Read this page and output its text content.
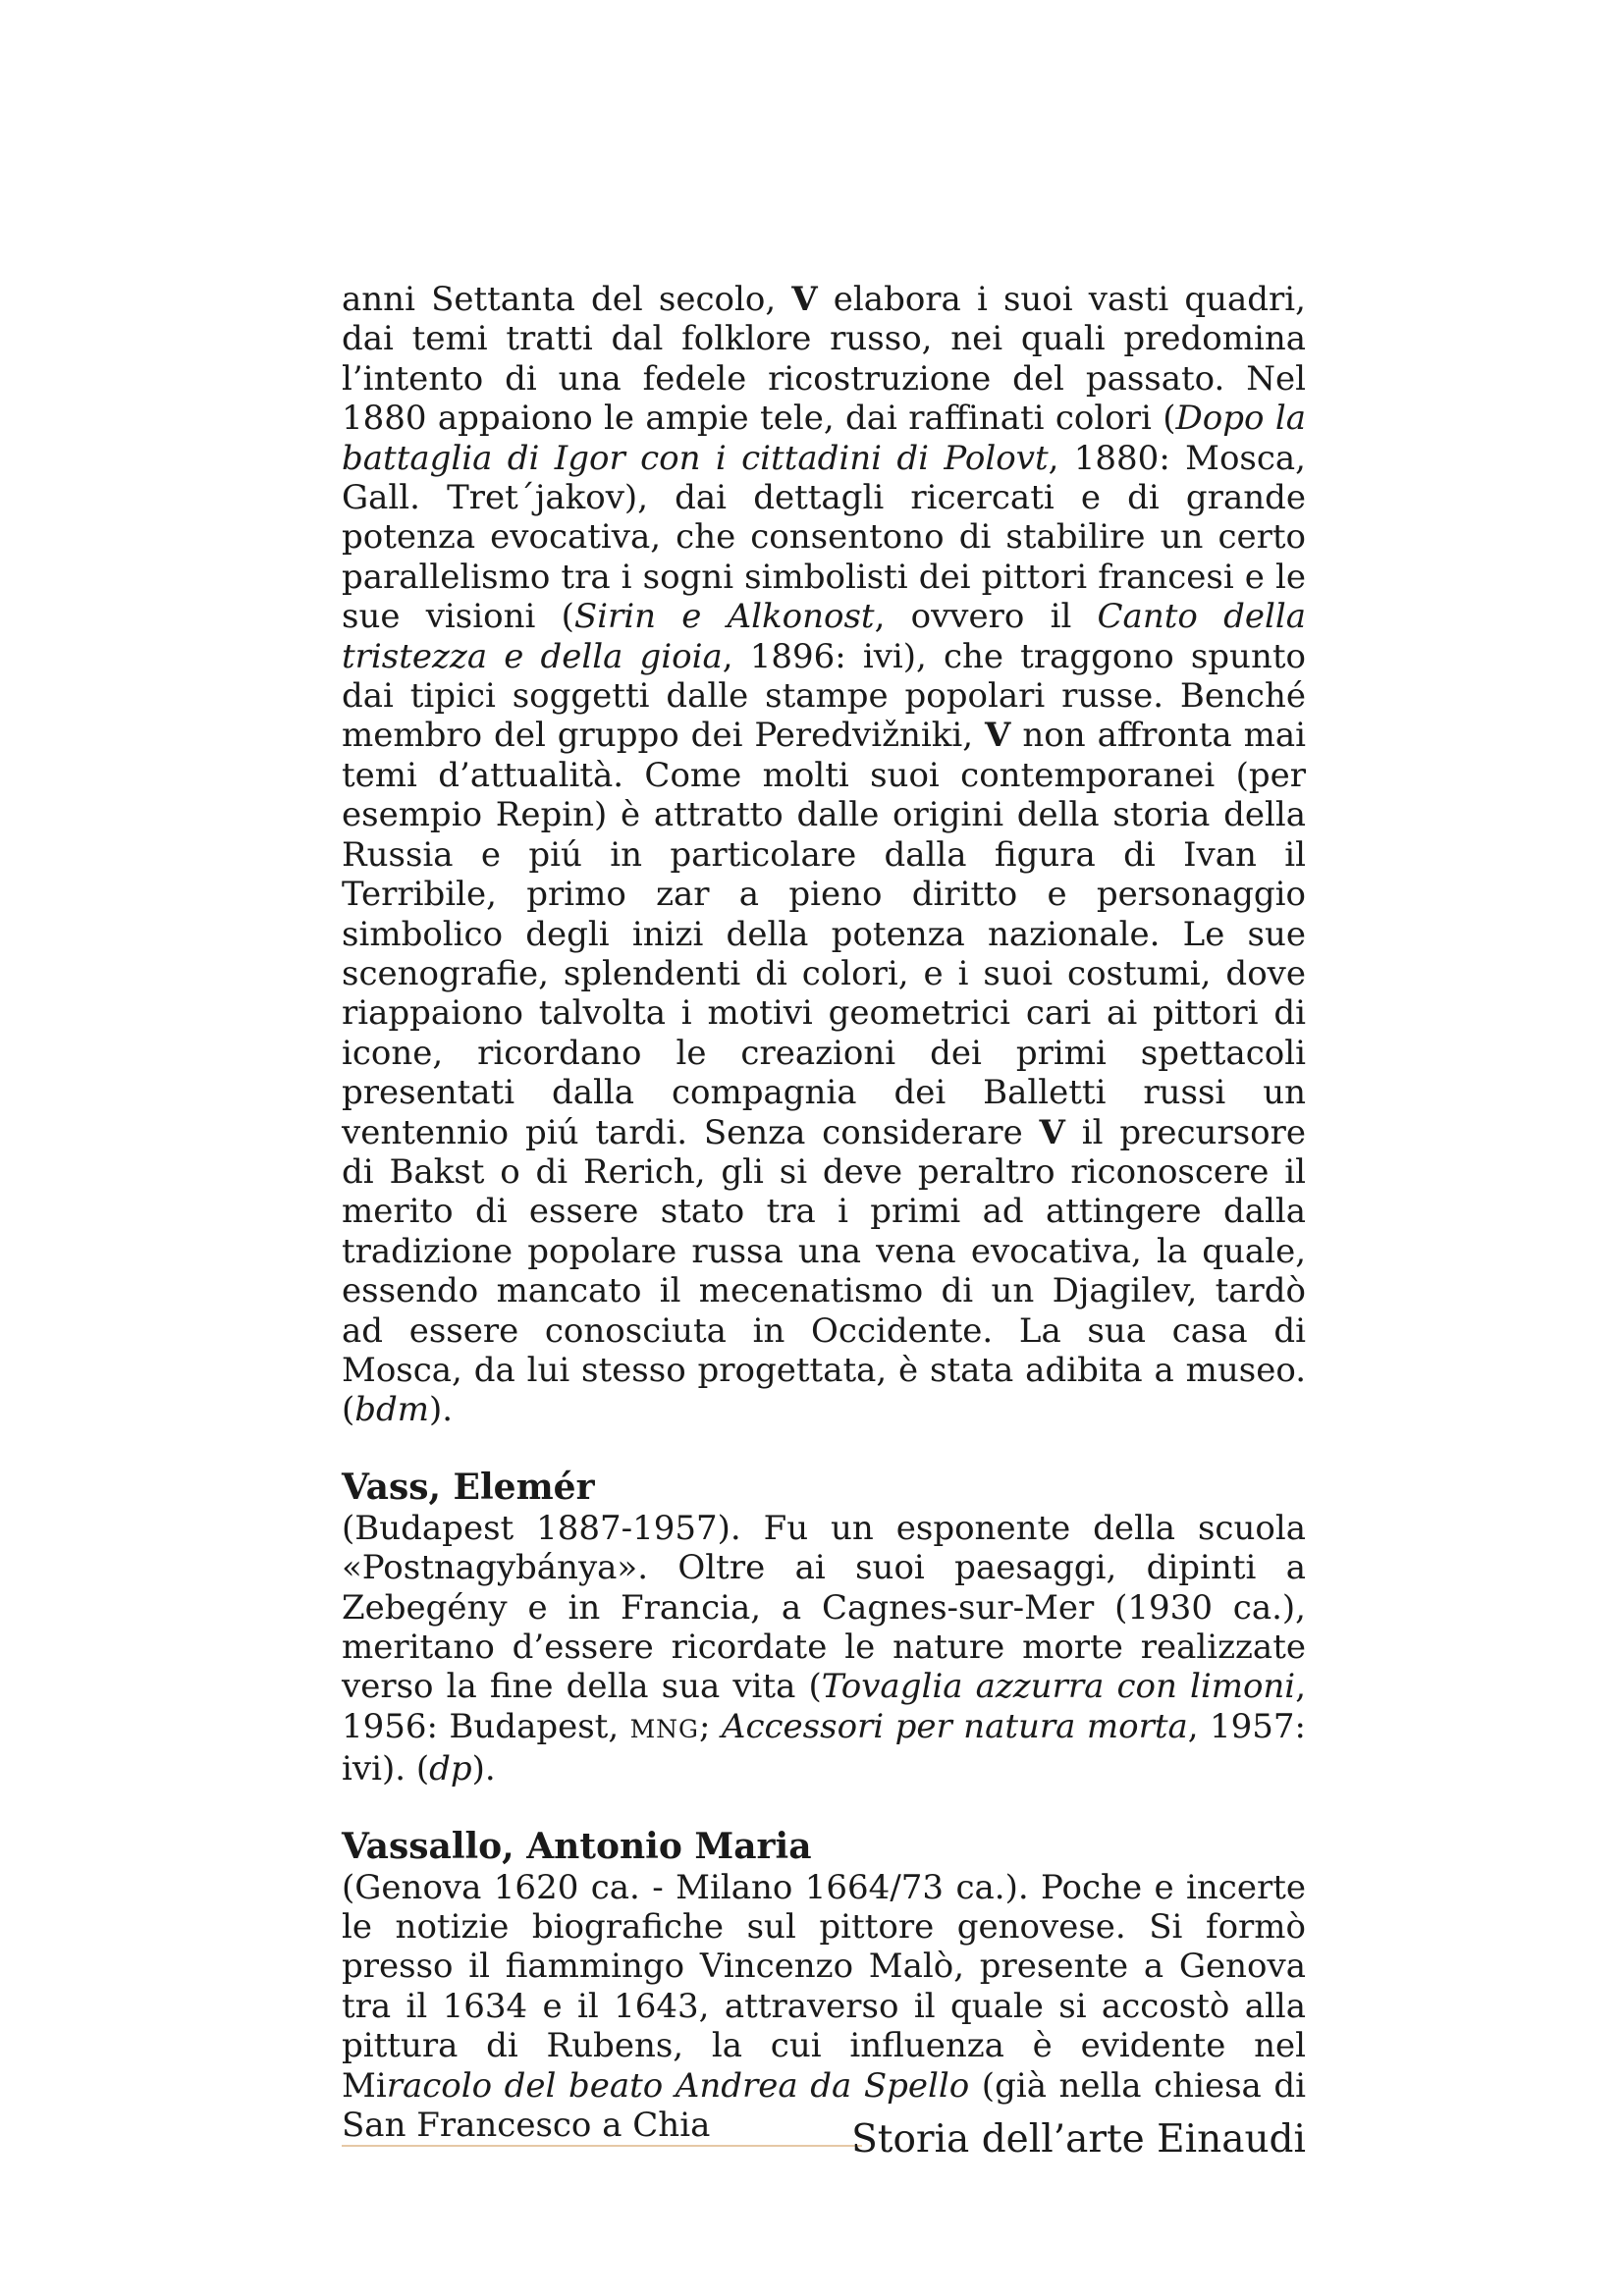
anni Settanta del secolo, V elabora i suoi vasti quadri, dai temi tratti dal folklore russo, nei quali predomina l’intento di una fedele ricostruzione del passato. Nel 1880 appaiono le ampie tele, dai raffinati colori (Dopo la battaglia di Igor con i cittadini di Polovt, 1880: Mosca, Gall. Tret´jakov), dai dettagli ricercati e di grande potenza evocativa, che consentono di stabilire un certo parallelismo tra i sogni simbolisti dei pittori francesi e le sue visioni (Sirin e Alkonost, ovvero il Canto della tristezza e della gioia, 1896: ivi), che traggono spunto dai tipici soggetti dalle stampe popolari russe. Benché membro del gruppo dei Peredvižniki, V non affronta mai temi d’attualità. Come molti suoi contemporanei (per esempio Repin) è attratto dalle origini della storia della Russia e piú in particolare dalla figura di Ivan il Terribile, primo zar a pieno diritto e personaggio simbolico degli inizi della potenza nazionale. Le sue scenografie, splendenti di colori, e i suoi costumi, dove riappaiono talvolta i motivi geometrici cari ai pittori di icone, ricordano le creazioni dei primi spettacoli presentati dalla compagnia dei Balletti russi un ventennio piú tardi. Senza considerare V il precursore di Bakst o di Rerich, gli si deve peraltro riconoscere il merito di essere stato tra i primi ad attingere dalla tradizione popolare russa una vena evocativa, la quale, essendo mancato il mecenatismo di un Djagilev, tardò ad essere conosciuta in Occidente. La sua casa di Mosca, da lui stesso progettata, è stata adibita a museo. (bdm).

Vass, Elemér

(Budapest 1887-1957). Fu un esponente della scuola «Postnagybánya». Oltre ai suoi paesaggi, dipinti a Zebegény e in Francia, a Cagnes-sur-Mer (1930 ca.), meritano d’essere ricordate le nature morte realizzate verso la fine della sua vita (Tovaglia azzurra con limoni, 1956: Budapest, MNG; Accessori per natura morta, 1957: ivi). (dp).

Vassallo, Antonio Maria

(Genova 1620 ca. - Milano 1664/73 ca.). Poche e incerte le notizie biografiche sul pittore genovese. Si formò presso il fiammingo Vincenzo Malò, presente a Genova tra il 1634 e il 1643, attraverso il quale si accostò alla pittura di Rubens, la cui influenza è evidente nel Miracolo del beato Andrea da Spello (già nella chiesa di San Francesco a Chia	Storia dell’arte Einaudi
